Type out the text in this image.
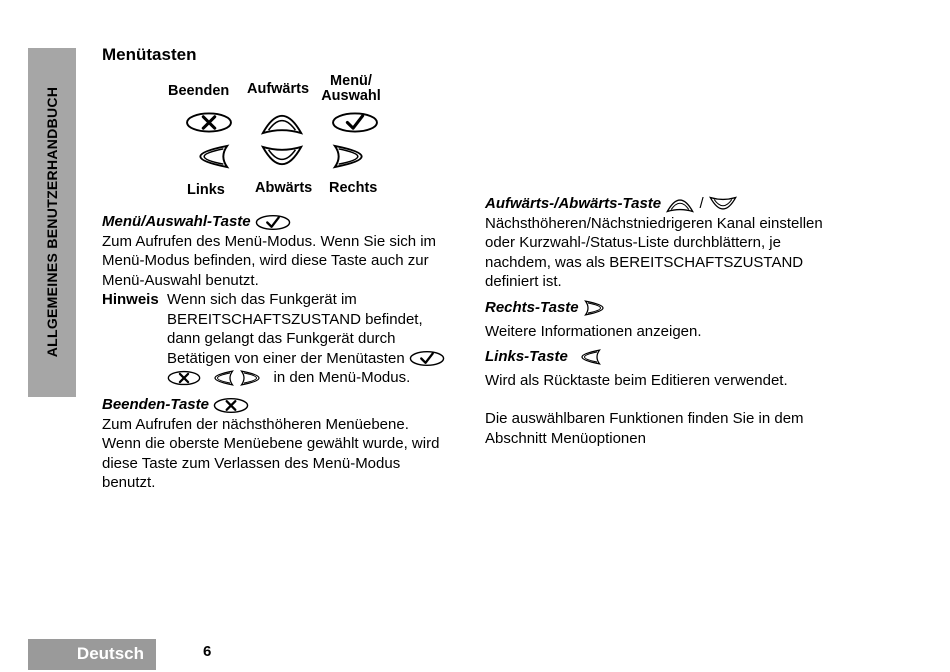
ALLGEMEINES BENUTZERHANDBUCH
Menütasten
Beenden Aufwärts	Menü/
Auswahl
Links Abwärts Rechts
Menü/Auswahl-Taste
Zum Aufrufen des Menü-Modus. Wenn Sie sich im
Menü-Modus befinden, wird diese Taste auch zur
Menü-Auswahl benutzt.
Hinweis Wenn sich das Funkgerät im
BEREITSCHAFTSZUSTAND befindet,
dann gelangt das Funkgerät durch
Betätigen von einer der Menütasten
in den Menü-Modus.
Beenden-Taste
Zum Aufrufen der nächsthöheren Menüebene.
Wenn die oberste Menüebene gewählt wurde, wird
diese Taste zum Verlassen des Menü-Modus
benutzt.
Aufwärts-/Abwärts-Taste	/
Nächsthöheren/Nächstniedrigeren Kanal einstellen
oder Kurzwahl-/Status-Liste durchblättern, je
nachdem, was als BEREITSCHAFTSZUSTAND
definiert ist.
Rechts-Taste
Weitere Informationen anzeigen.
Links-Taste
Wird als Rücktaste beim Editieren verwendet.
Die auswählbaren Funktionen finden Sie in dem
Abschnitt Menüoptionen
Deutsch	6
